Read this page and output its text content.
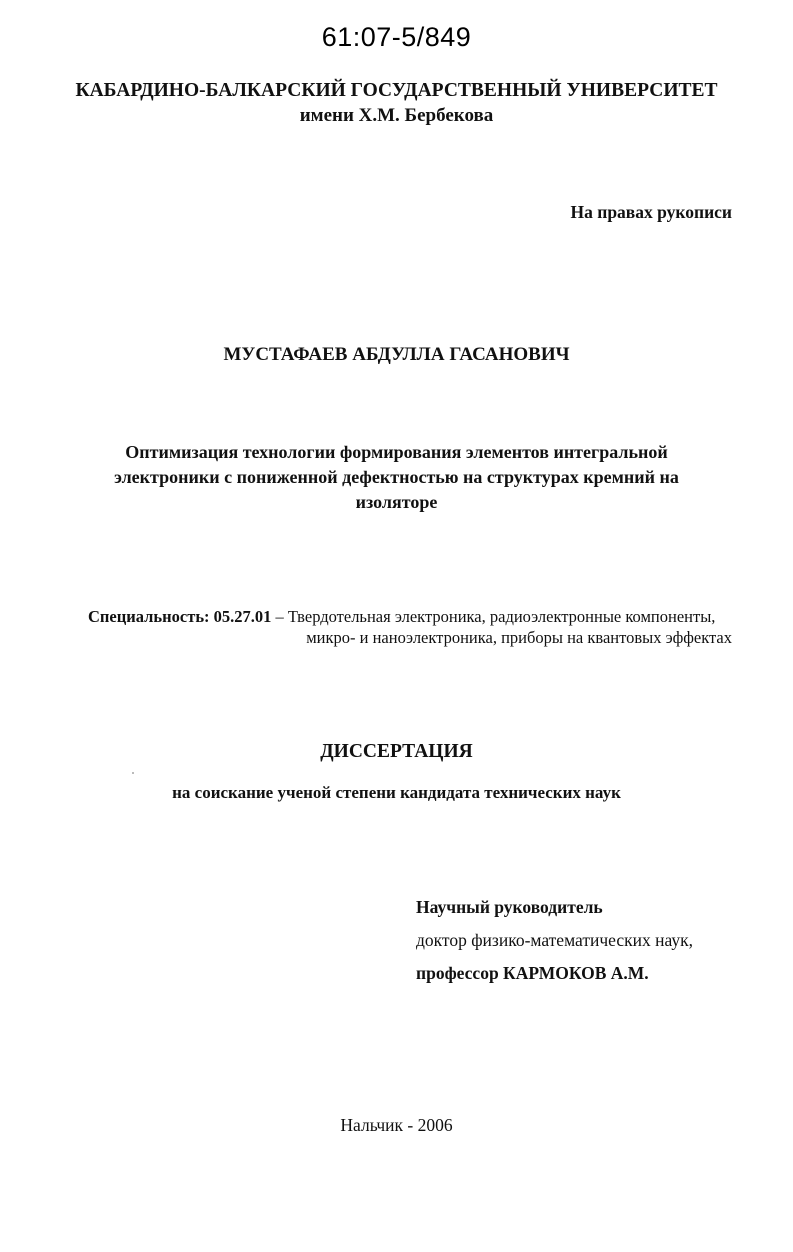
61:07-5/849
КАБАРДИНО-БАЛКАРСКИЙ ГОСУДАРСТВЕННЫЙ УНИВЕРСИТЕТ
имени Х.М. Бербекова
На правах рукописи
МУСТАФАЕВ АБДУЛЛА ГАСАНОВИЧ
Оптимизация технологии формирования элементов интегральной
электроники с пониженной дефектностью на структурах кремний на
изоляторе
Специальность: 05.27.01 – Твердотельная электроника, радиоэлектронные компоненты,
микро- и наноэлектроника, приборы на квантовых эффектах
ДИССЕРТАЦИЯ
на соискание ученой степени кандидата технических наук
Научный руководитель
доктор физико-математических наук,
профессор КАРМОКОВ А.М.
Нальчик - 2006
